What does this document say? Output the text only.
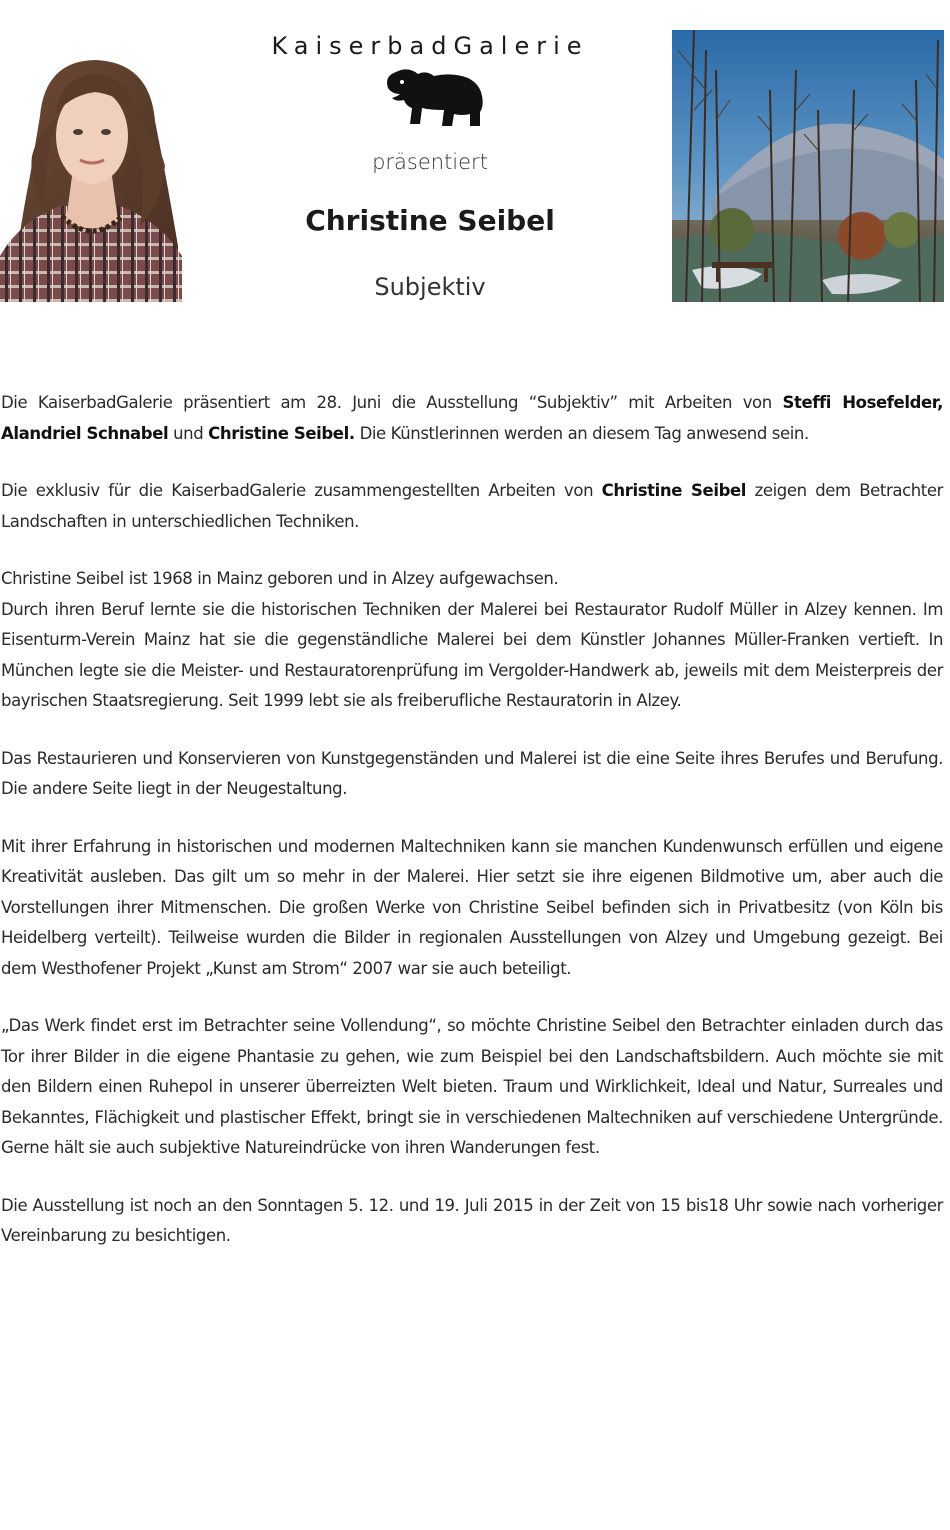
KaiserbadGalerie
präsentiert
Christine Seibel
Subjektiv

Die KaiserbadGalerie präsentiert am 28. Juni die Ausstellung “Subjektiv” mit Arbeiten von Steffi Hosefelder, Alandriel Schnabel und Christine Seibel. Die Künstlerinnen werden an diesem Tag anwesend sein.

Die exklusiv für die KaiserbadGalerie zusammengestellten Arbeiten von Christine Seibel zeigen dem Betrachter Landschaften in unterschiedlichen Techniken.

Christine Seibel ist 1968 in Mainz geboren und in Alzey aufgewachsen.
Durch ihren Beruf lernte sie die historischen Techniken der Malerei bei Restaurator Rudolf Müller in Alzey kennen. Im Eisenturm-Verein Mainz hat sie die gegenständliche Malerei bei dem Künstler Johannes Müller-Franken vertieft. In München legte sie die Meister- und Restauratorenprüfung im Vergolder-Handwerk ab, jeweils mit dem Meisterpreis der bayrischen Staatsregierung. Seit 1999 lebt sie als freiberufliche Restauratorin in Alzey.

Das Restaurieren und Konservieren von Kunstgegenständen und Malerei ist die eine Seite ihres Berufes und Berufung. Die andere Seite liegt in der Neugestaltung.

Mit ihrer Erfahrung in historischen und modernen Maltechniken kann sie manchen Kundenwunsch erfüllen und eigene Kreativität ausleben. Das gilt um so mehr in der Malerei. Hier setzt sie ihre eigenen Bildmotive um, aber auch die Vorstellungen ihrer Mitmenschen. Die großen Werke von Christine Seibel befinden sich in Privatbesitz (von Köln bis Heidelberg verteilt). Teilweise wurden die Bilder in regionalen Ausstellungen von Alzey und Umgebung gezeigt. Bei dem Westhofener Projekt „Kunst am Strom“ 2007 war sie auch beteiligt.

„Das Werk findet erst im Betrachter seine Vollendung“, so möchte Christine Seibel den Betrachter einladen durch das Tor ihrer Bilder in die eigene Phantasie zu gehen, wie zum Beispiel bei den Landschaftsbildern. Auch möchte sie mit den Bildern einen Ruhepol in unserer überreizten Welt bieten. Traum und Wirklichkeit, Ideal und Natur, Surreales und Bekanntes, Flächigkeit und plastischer Effekt, bringt sie in verschiedenen Maltechniken auf verschiedene Untergründe. Gerne hält sie auch subjektive Natureindrücke von ihren Wanderungen fest.

Die Ausstellung ist noch an den Sonntagen 5. 12. und 19. Juli 2015 in der Zeit von 15 bis18 Uhr sowie nach vorheriger Vereinbarung zu besichtigen.
